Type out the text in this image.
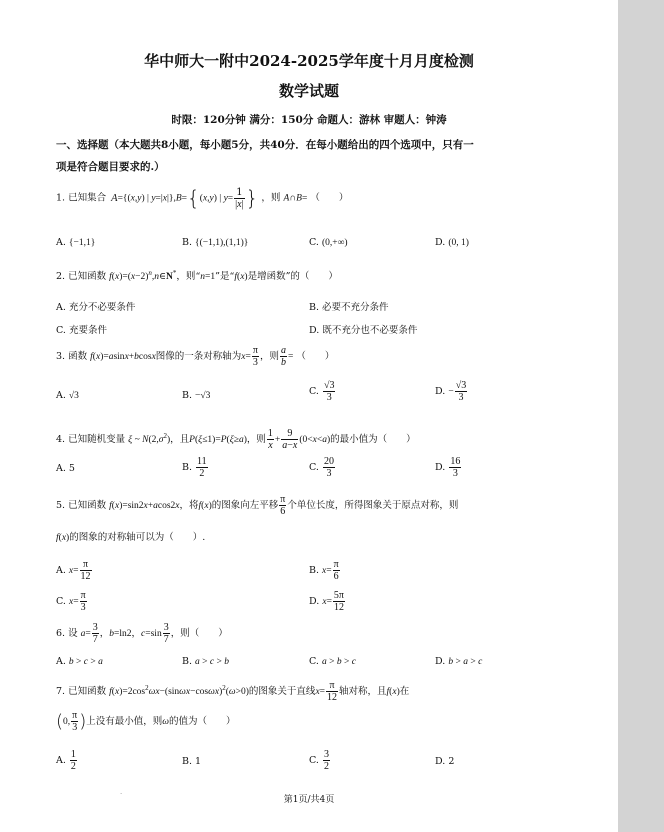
华中师大一附中2024-2025学年度十月月度检测
数学试题
时限：120分钟 满分：150分 命题人：游林 审题人：钟涛
一、选择题（本大题共8小题，每小题5分，共40分．在每小题给出的四个选项中，只有一
项是符合题目要求的.）
1. 已知集合 A={(x,y) | y=|x|},B={(x,y) | $y= \frac{1}{|x|}$ } ，则 A∩B= （　　）
A. {−1,1}	B. {(−1,1),(1,1)}	C. (0,+∞)	D. (0, 1)
2. 已知函数 $f(x)=(x-2)^n,n\in N^*$，则“n=1”是“f(x)是增函数”的（　　）
A. 充分不必要条件	B. 必要不充分条件
C. 充要条件	D. 既不充分也不必要条件
3. 函数 f(x)=asinx+bcosx图像的一条对称轴为$x= \frac{\pi}{3}$ ，则 $\frac{a}{b}$ = （　　）
A. √3	B. −√3	C. $\frac{√3}{3}$	D. − $\frac{√3}{3}$
4. 已知随机变量 ξ ~ $N(2,\sigma^2)$，且P(ξ≤1)=P(ξ≥a)，则 $\frac{1}{x} + \frac{9}{a-x} (0<x<a)$的最小值为（　　）
A. 5	B. $\frac{11}{2}$	C. $\frac{20}{3}$	D. $\frac{16}{3}$
5. 已知函数 f(x)=sin2x+acos2x，将f(x)的图象向左平移 $\frac{\pi}{6}$ 个单位长度，所得图象关于原点对称，则
f(x)的图象的对称轴可以为（　　）.
A. $x= \frac{\pi}{12}$	B. $x= \frac{\pi}{6}$
C. $x= \frac{\pi}{3}$	D. $x= \frac{5\pi}{12}$
6. 设 $a= \frac{3}{7}$ ，b=ln2，$c=\sin \frac{3}{7}$ ，则（　　）
A. b > c > a	B. a > c > b	C. a > b > c	D. b > a > c
7. 已知函数 $f(x)=2\cos^2\omega x-(\sin\omega x-\cos\omega x)^2(\omega>0)$的图象关于直线$x= \frac{\pi}{12}$ 轴对称，且f(x)在
(0, $\frac{\pi}{3}$ )上没有最小值，则ω的值为（　　）
A. $\frac{1}{2}$	B. 1	C. $\frac{3}{2}$	D. 2
·
第1页/共4页
